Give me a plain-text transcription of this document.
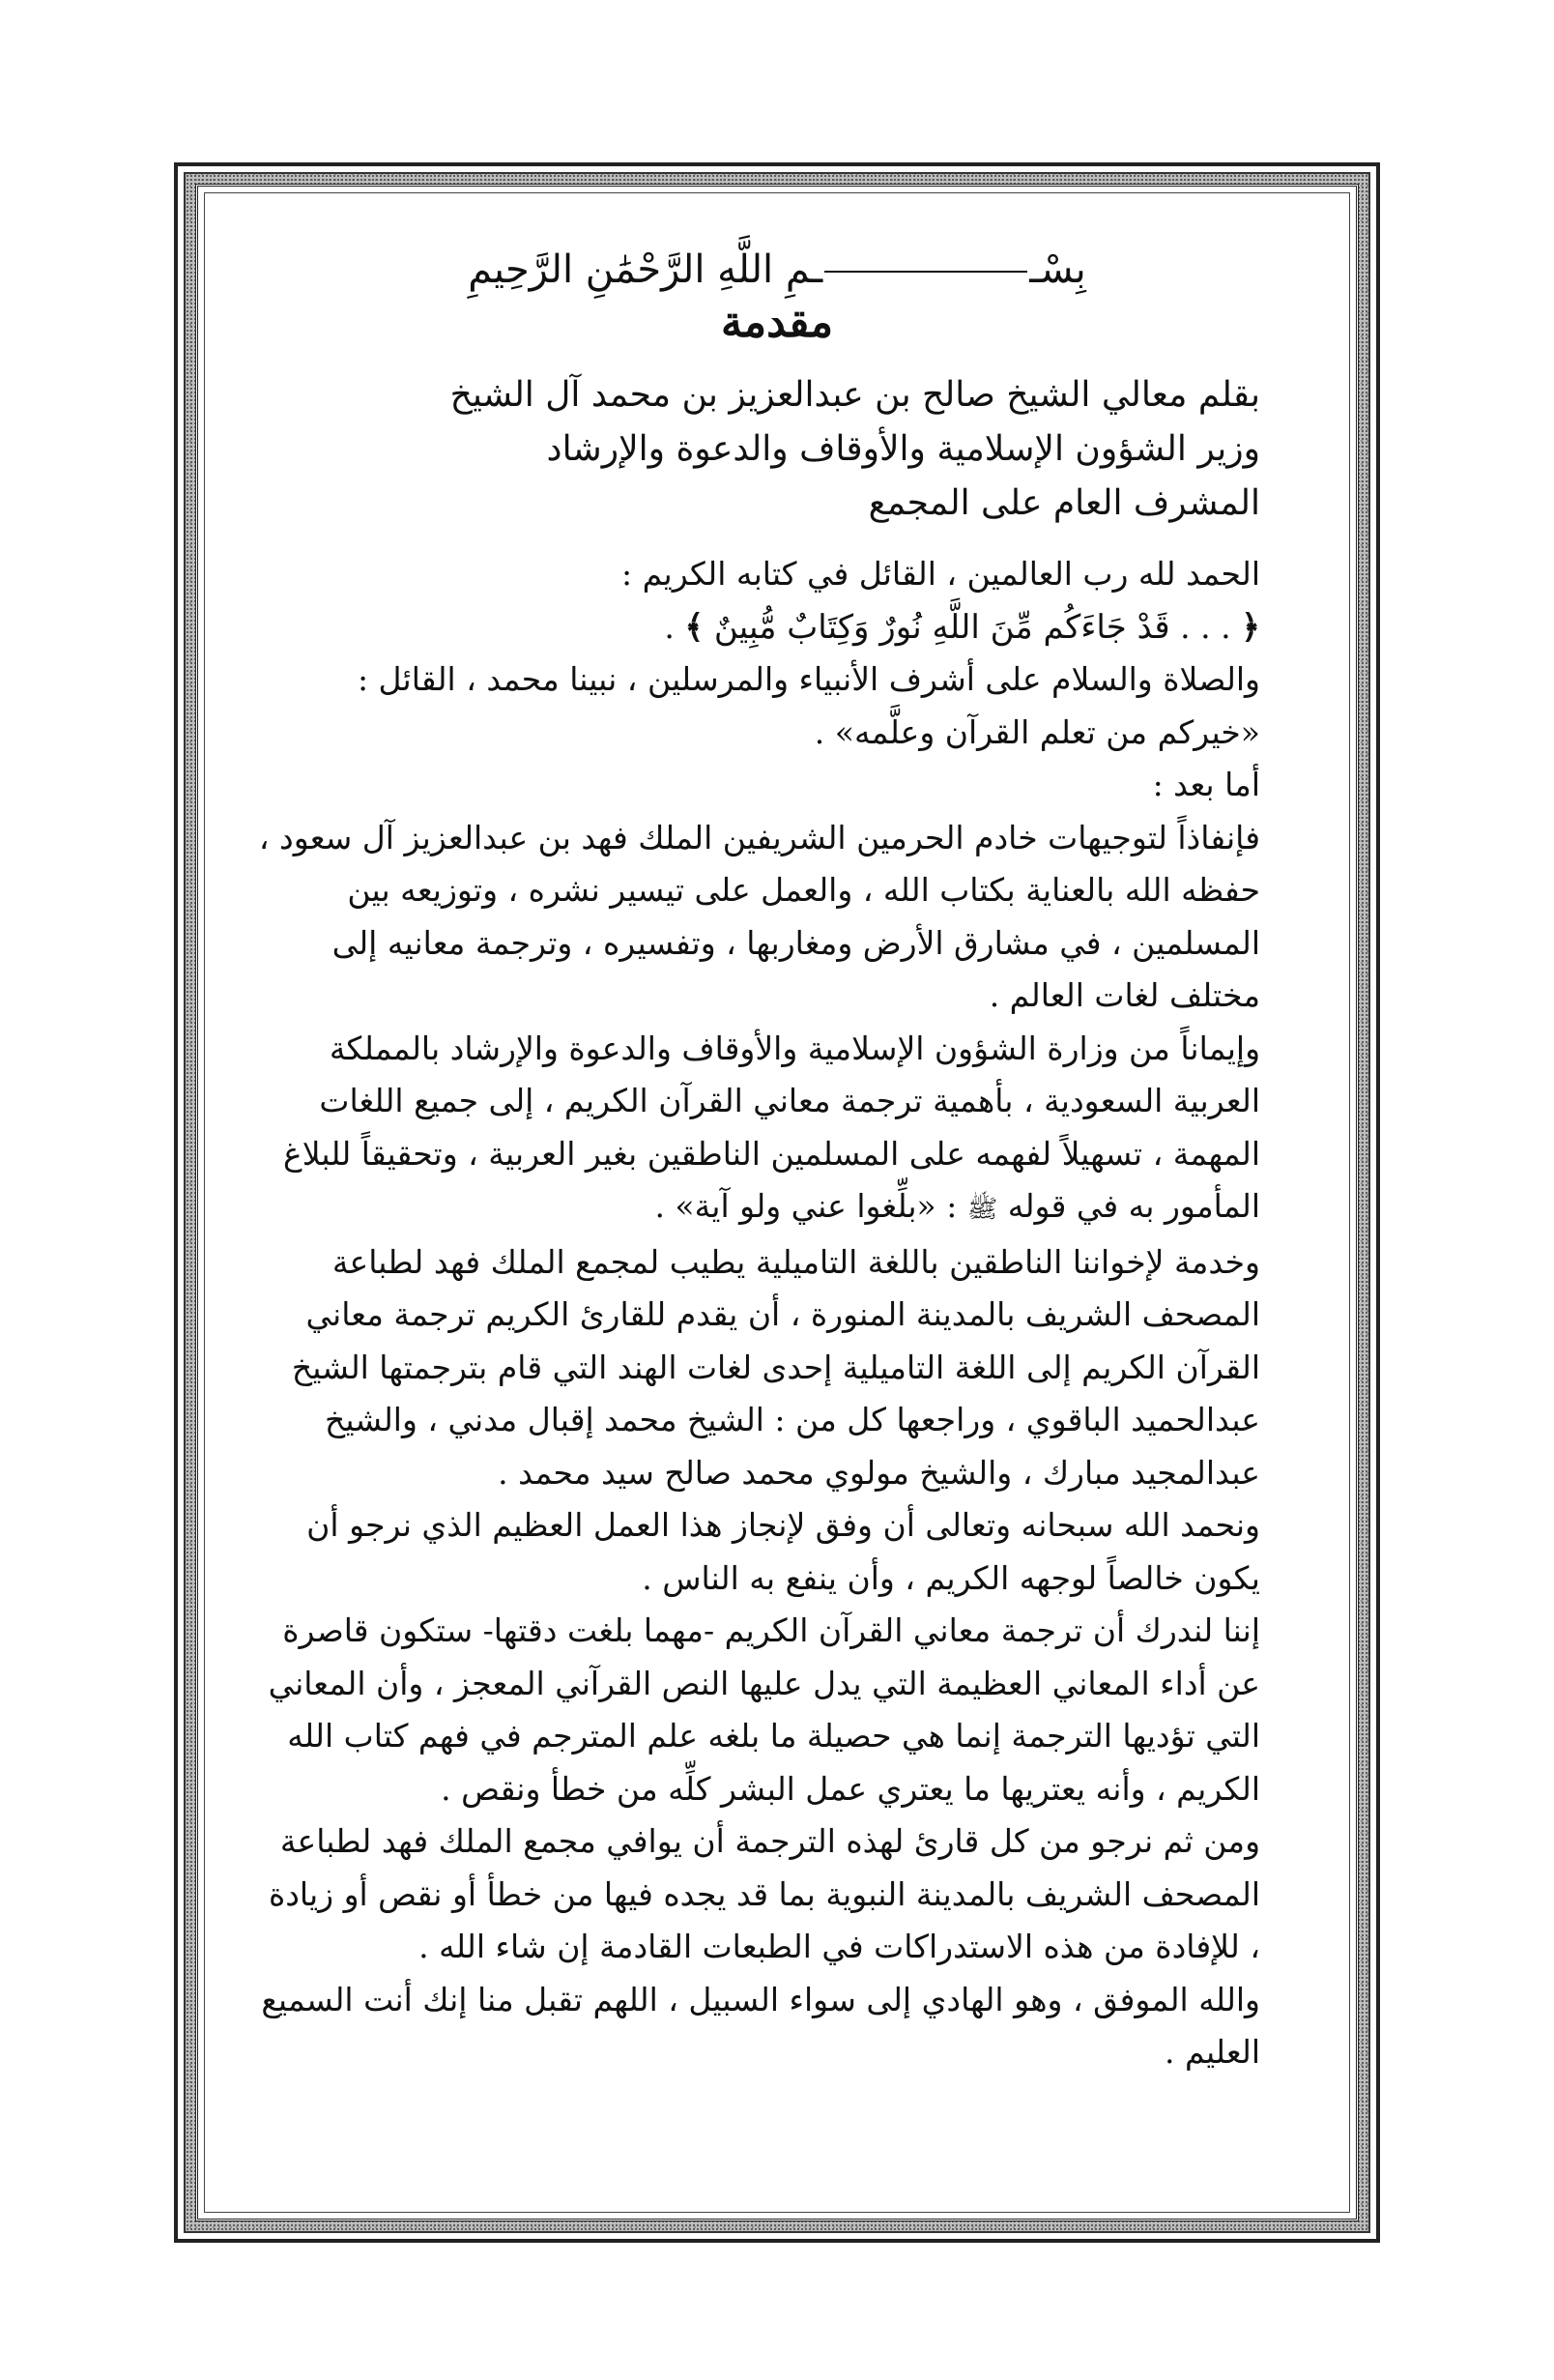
بِسْـ
ـمِ اللَّهِ الرَّحْمَٰنِ الرَّحِيمِ
مقدمة
بقلم معالي الشيخ صالح بن عبدالعزيز بن محمد آل الشيخ
وزير الشؤون الإسلامية والأوقاف والدعوة والإرشاد
المشرف العام على المجمع

الحمد لله رب العالمين ، القائل في كتابه الكريم :

﴿ . . . قَدْ جَاءَكُم مِّنَ اللَّهِ نُورٌ وَكِتَابٌ مُّبِينٌ ﴾ .

والصلاة والسلام على أشرف الأنبياء والمرسلين ، نبينا محمد ، القائل :

«خيركم من تعلم القرآن وعلَّمه» .

أما بعد :

فإنفاذاً لتوجيهات خادم الحرمين الشريفين الملك فهد بن عبدالعزيز آل سعود ، حفظه الله بالعناية بكتاب الله ، والعمل على تيسير نشره ، وتوزيعه بين المسلمين ، في مشارق الأرض ومغاربها ، وتفسيره ، وترجمة معانيه إلى مختلف لغات العالم .

وإيماناً من وزارة الشؤون الإسلامية والأوقاف والدعوة والإرشاد بالمملكة العربية السعودية ، بأهمية ترجمة معاني القرآن الكريم ، إلى جميع اللغات المهمة ، تسهيلاً لفهمه على المسلمين الناطقين بغير العربية ، وتحقيقاً للبلاغ المأمور به في قوله ﷺ : «بلِّغوا عني ولو آية» .

وخدمة لإخواننا الناطقين باللغة التاميلية يطيب لمجمع الملك فهد لطباعة المصحف الشريف بالمدينة المنورة ، أن يقدم للقارئ الكريم ترجمة معاني القرآن الكريم إلى اللغة التاميلية إحدى لغات الهند التي قام بترجمتها الشيخ عبدالحميد الباقوي ، وراجعها كل من : الشيخ محمد إقبال مدني ، والشيخ عبدالمجيد مبارك ، والشيخ مولوي محمد صالح سيد محمد .

ونحمد الله سبحانه وتعالى أن وفق لإنجاز هذا العمل العظيم الذي نرجو أن يكون خالصاً لوجهه الكريم ، وأن ينفع به الناس .

إننا لندرك أن ترجمة معاني القرآن الكريم -مهما بلغت دقتها- ستكون قاصرة عن أداء المعاني العظيمة التي يدل عليها النص القرآني المعجز ، وأن المعاني التي تؤديها الترجمة إنما هي حصيلة ما بلغه علم المترجم في فهم كتاب الله الكريم ، وأنه يعتريها ما يعتري عمل البشر كلِّه من خطأ ونقص .

ومن ثم نرجو من كل قارئ لهذه الترجمة أن يوافي مجمع الملك فهد لطباعة المصحف الشريف بالمدينة النبوية بما قد يجده فيها من خطأ أو نقص أو زيادة ، للإفادة من هذه الاستدراكات في الطبعات القادمة إن شاء الله .

والله الموفق ، وهو الهادي إلى سواء السبيل ، اللهم تقبل منا إنك أنت السميع العليم .
